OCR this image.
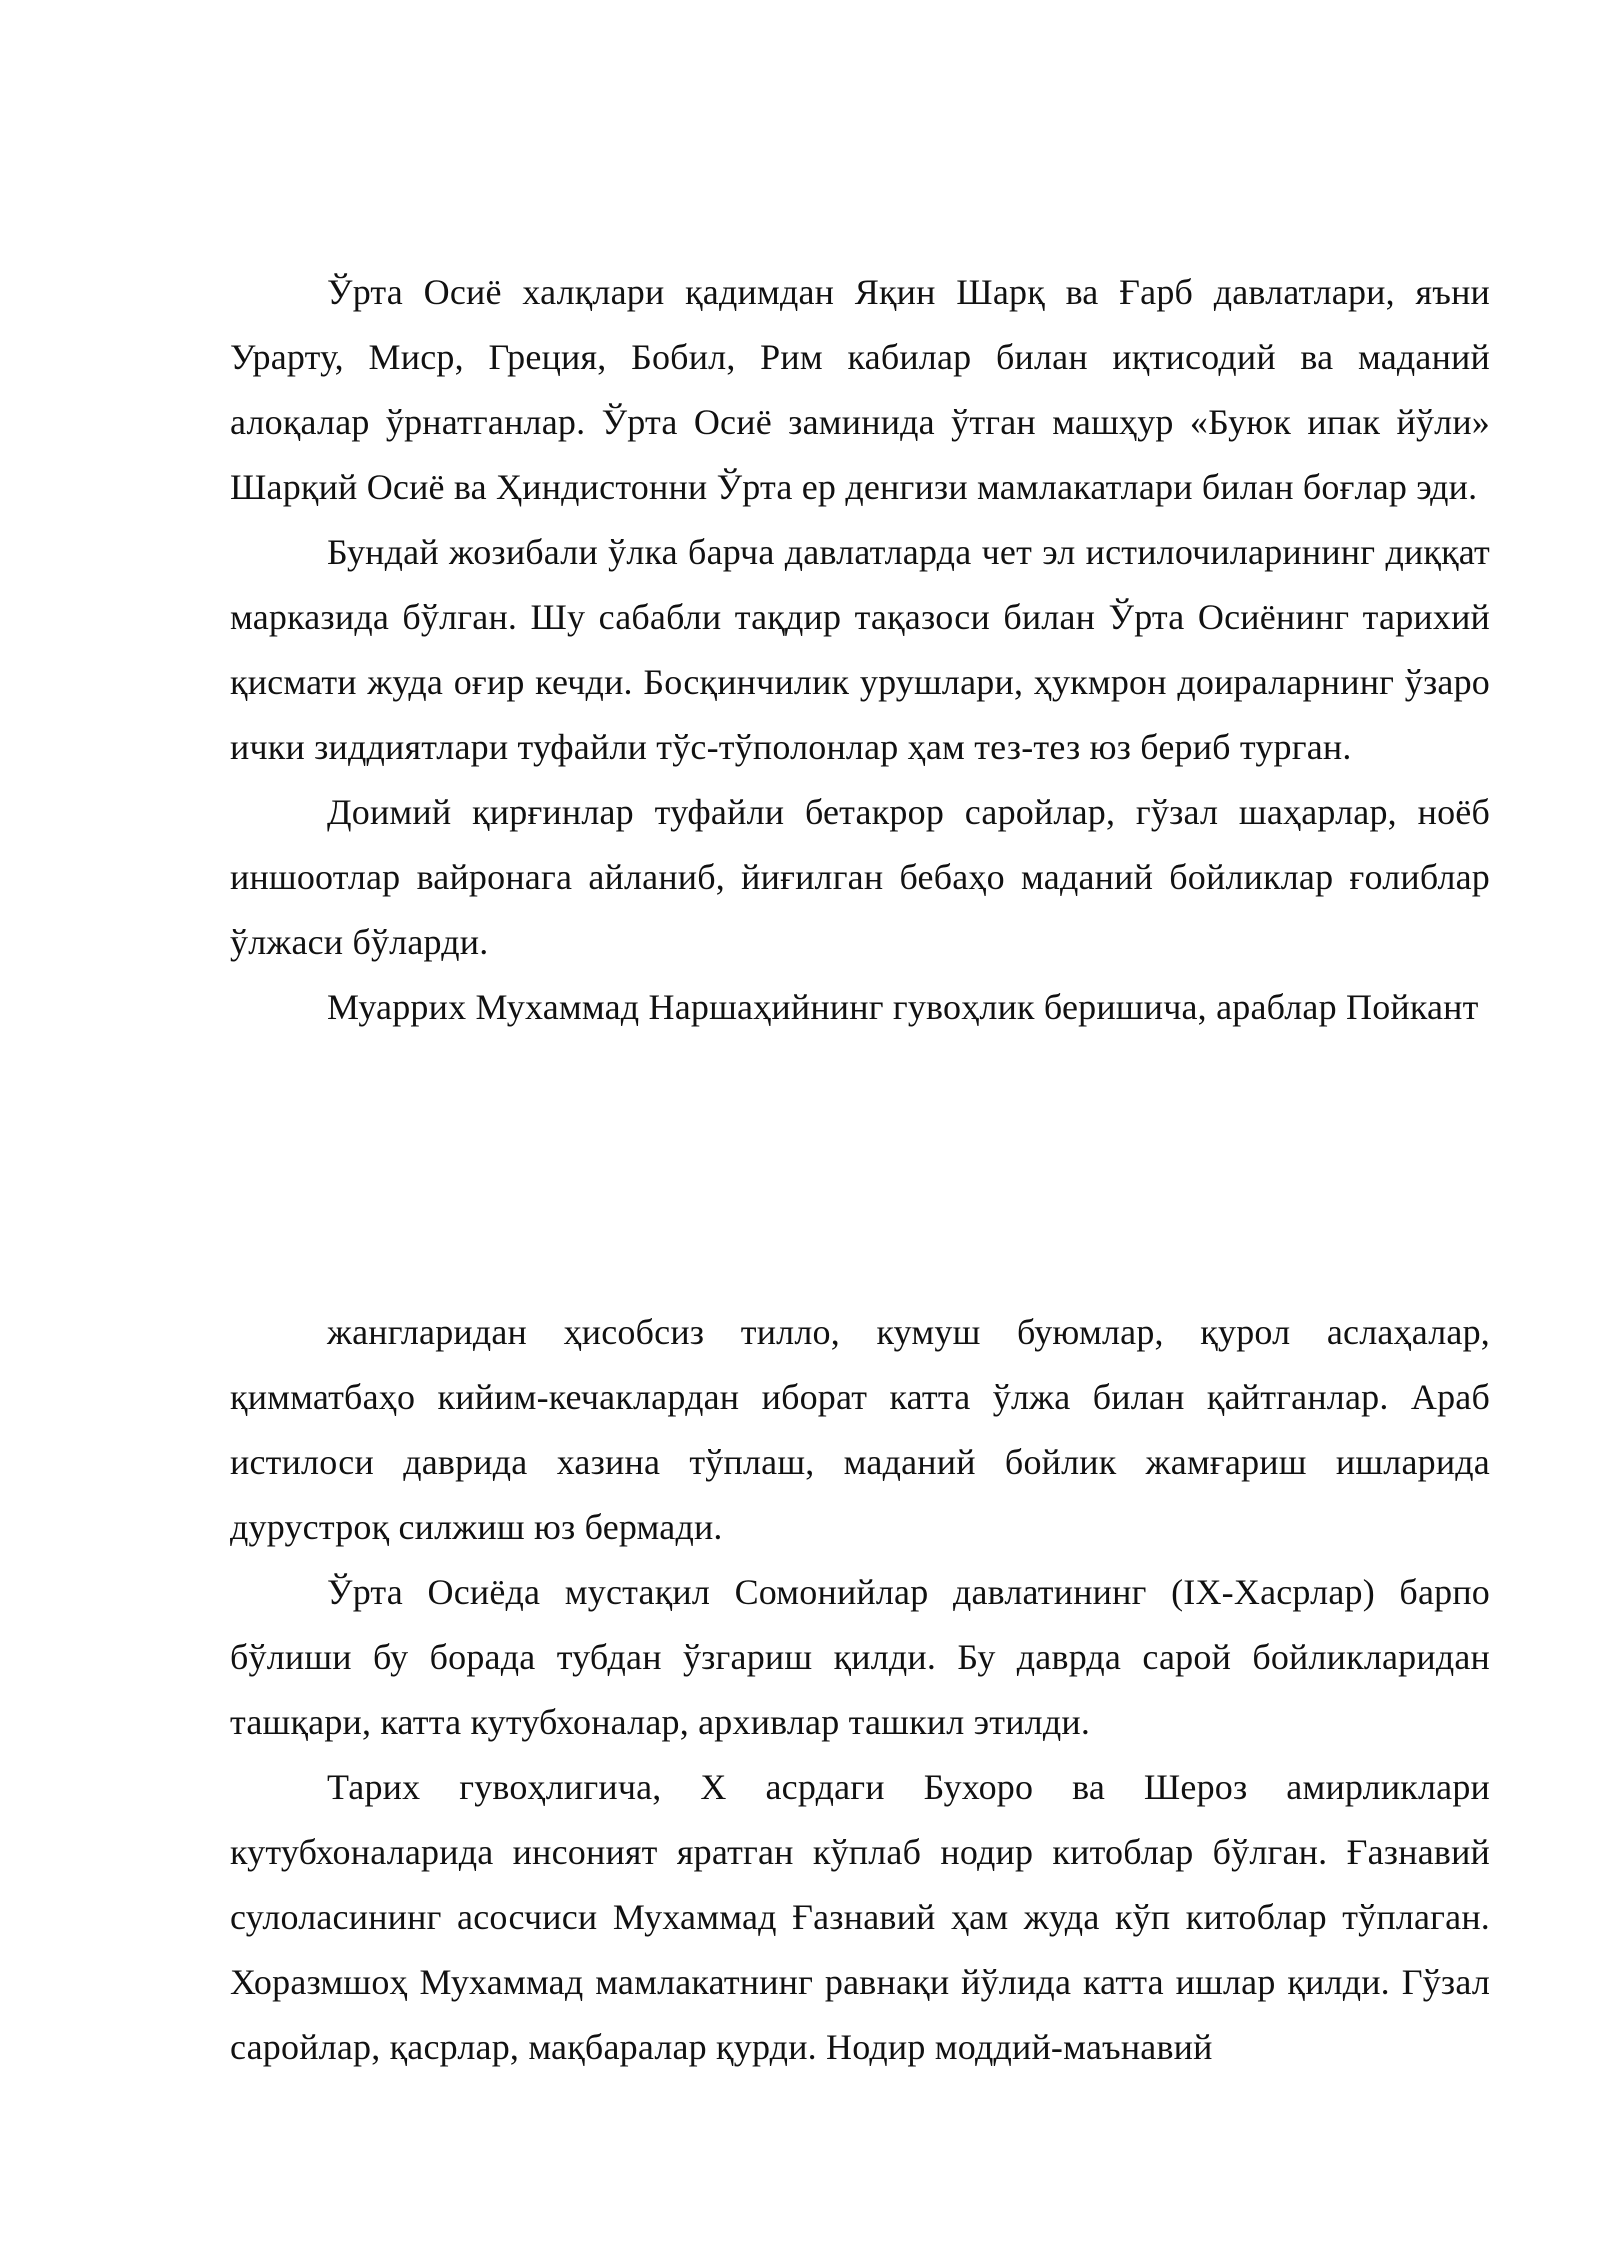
Ўрта Осиё халқлари қадимдан Яқин Шарқ ва Ғарб давлатлари, яъни Урарту, Миср, Греция, Бобил, Рим кабилар билан иқтисодий ва маданий алоқалар ўрнатганлар. Ўрта Осиё заминида ўтган машҳур «Буюк ипак йўли» Шарқий Осиё ва Ҳиндистонни Ўрта ер денгизи мамлакатлари билан боғлар эди.

Бундай жозибали ўлка барча давлатларда чет эл истилочиларининг диққат марказида бўлган. Шу сабабли тақдир тақазоси билан Ўрта Осиёнинг тарихий қисмати жуда оғир кечди. Босқинчилик урушлари, ҳукмрон доираларнинг ўзаро ички зиддиятлари туфайли тўс-тўполонлар ҳам тез-тез юз бериб турган.

Доимий қирғинлар туфайли бетакрор саройлар, гўзал шаҳарлар, ноёб иншоотлар вайронага айланиб, йиғилган бебаҳо маданий бойликлар ғолиблар ўлжаси бўларди.

Муаррих Мухаммад Наршаҳийнинг гувоҳлик беришича, араблар Пойкант

жангларидан ҳисобсиз тилло, кумуш буюмлар, қурол аслаҳалар, қимматбаҳо кийим-кечаклардан иборат катта ўлжа билан қайтганлар. Араб истилоси даврида хазина тўплаш, маданий бойлик жамғариш ишларида дурустроқ силжиш юз бермади.

Ўрта Осиёда мустақил Сомонийлар давлатининг (IX-Xасрлар) барпо бўлиши бу борада тубдан ўзгариш қилди. Бу даврда сарой бойликларидан ташқари, катта кутубхоналар, архивлар ташкил этилди.

Тарих гувоҳлигича, X асрдаги Бухоро ва Шероз амирликлари кутубхоналарида инсоният яратган кўплаб нодир китоблар бўлган. Ғазнавий сулоласининг асосчиси Мухаммад Ғазнавий ҳам жуда кўп китоблар тўплаган. Хоразмшоҳ Мухаммад мамлакатнинг равнақи йўлида катта ишлар қилди. Гўзал саройлар, қасрлар, мақбаралар қурди. Нодир моддий-маънавий
